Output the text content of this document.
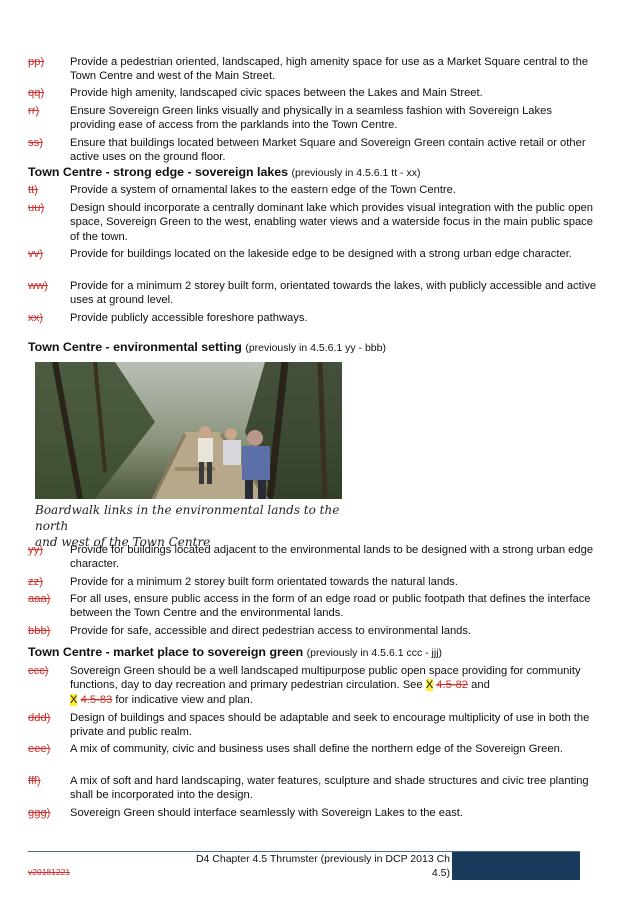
pp)	Provide a pedestrian oriented, landscaped, high amenity space for use as a Market Square central to the Town Centre and west of the Main Street.
qq)	Provide high amenity, landscaped civic spaces between the Lakes and Main Street.
rr)	Ensure Sovereign Green links visually and physically in a seamless fashion with Sovereign Lakes providing ease of access from the parklands into the Town Centre.
ss)	Ensure that buildings located between Market Square and Sovereign Green contain active retail or other active uses on the ground floor.
Town Centre - strong edge - sovereign lakes (previously in 4.5.6.1 tt - xx)
tt)	Provide a system of ornamental lakes to the eastern edge of the Town Centre.
uu)	Design should incorporate a centrally dominant lake which provides visual integration with the public open space, Sovereign Green to the west, enabling water views and a waterside focus in the main public space of the town.
vv)	Provide for buildings located on the lakeside edge to be designed with a strong urban edge character.
ww)	Provide for a minimum 2 storey built form, orientated towards the lakes, with publicly accessible and active uses at ground level.
xx)	Provide publicly accessible foreshore pathways.
Town Centre - environmental setting (previously in 4.5.6.1 yy - bbb)
Boardwalk links in the environmental lands to the north
and west of the Town Centre
yy)	Provide for buildings located adjacent to the environmental lands to be designed with a strong urban edge character.
zz)	Provide for a minimum 2 storey built form orientated towards the natural lands.
aaa)	For all uses, ensure public access in the form of an edge road or public footpath that defines the interface between the Town Centre and the environmental lands.
bbb)	Provide for safe, accessible and direct pedestrian access to environmental lands.
Town Centre - market place to sovereign green (previously in 4.5.6.1 ccc - jjj)
ccc)	Sovereign Green should be a well landscaped multipurpose public open space providing for community functions, day to day recreation and primary pedestrian circulation. See X 4.5-82 and
X 4.5-83 for indicative view and plan.
ddd)	Design of buildings and spaces should be adaptable and seek to encourage multiplicity of use in both the private and public realm.
eee)	A mix of community, civic and business uses shall define the northern edge of the Sovereign Green.
fff)	A mix of soft and hard landscaping, water features, sculpture and shade structures and civic tree planting shall be incorporated into the design.
ggg)	Sovereign Green should interface seamlessly with Sovereign Lakes to the east.
D4 Chapter 4.5 Thrumster (previously in DCP 2013 Ch
4.5)
v20181221
